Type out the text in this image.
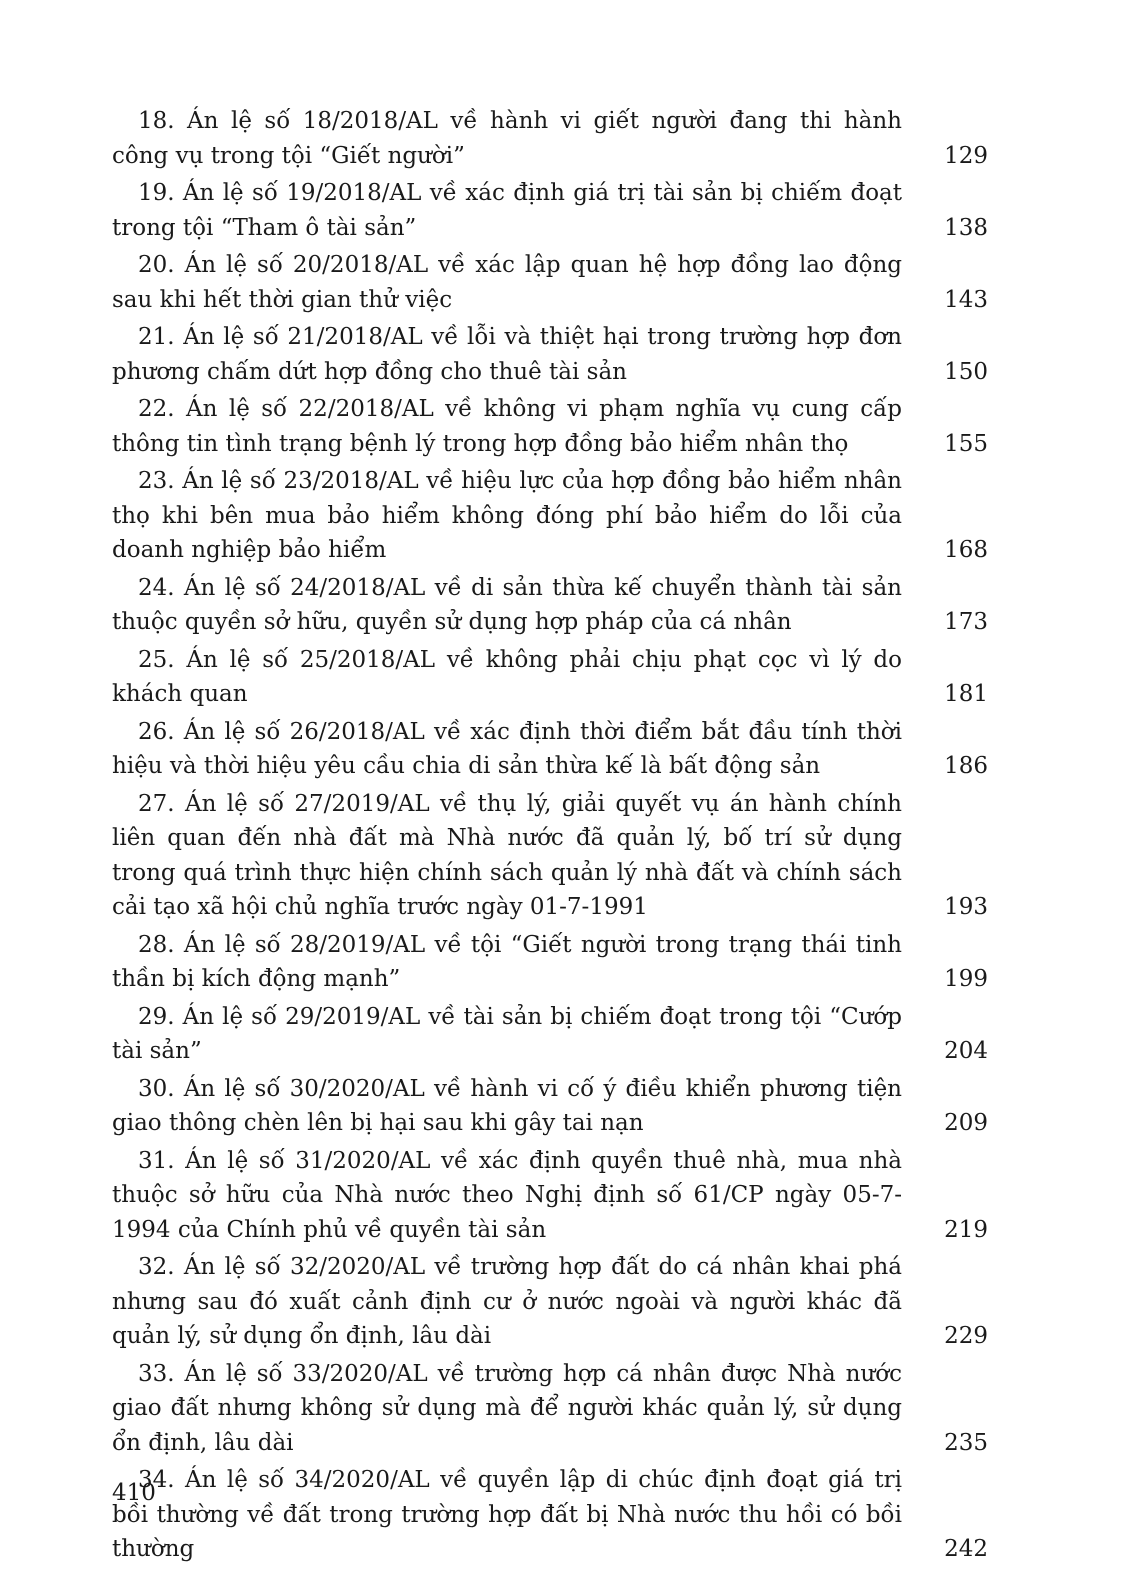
18. Án lệ số 18/2018/AL về hành vi giết người đang thi hành công vụ trong tội “Giết người”	129
19. Án lệ số 19/2018/AL về xác định giá trị tài sản bị chiếm đoạt trong tội “Tham ô tài sản”	138
20. Án lệ số 20/2018/AL về xác lập quan hệ hợp đồng lao động sau khi hết thời gian thử việc	143
21. Án lệ số 21/2018/AL về lỗi và thiệt hại trong trường hợp đơn phương chấm dứt hợp đồng cho thuê tài sản	150
22. Án lệ số 22/2018/AL về không vi phạm nghĩa vụ cung cấp thông tin tình trạng bệnh lý trong hợp đồng bảo hiểm nhân thọ	155
23. Án lệ số 23/2018/AL về hiệu lực của hợp đồng bảo hiểm nhân thọ khi bên mua bảo hiểm không đóng phí bảo hiểm do lỗi của doanh nghiệp bảo hiểm	168
24. Án lệ số 24/2018/AL về di sản thừa kế chuyển thành tài sản thuộc quyền sở hữu, quyền sử dụng hợp pháp của cá nhân	173
25. Án lệ số 25/2018/AL về không phải chịu phạt cọc vì lý do khách quan	181
26. Án lệ số 26/2018/AL về xác định thời điểm bắt đầu tính thời hiệu và thời hiệu yêu cầu chia di sản thừa kế là bất động sản	186
27. Án lệ số 27/2019/AL về thụ lý, giải quyết vụ án hành chính liên quan đến nhà đất mà Nhà nước đã quản lý, bố trí sử dụng trong quá trình thực hiện chính sách quản lý nhà đất và chính sách cải tạo xã hội chủ nghĩa trước ngày 01-7-1991	193
28. Án lệ số 28/2019/AL về tội “Giết người trong trạng thái tinh thần bị kích động mạnh”	199
29. Án lệ số 29/2019/AL về tài sản bị chiếm đoạt trong tội “Cướp tài sản”	204
30. Án lệ số 30/2020/AL về hành vi cố ý điều khiển phương tiện giao thông chèn lên bị hại sau khi gây tai nạn	209
31. Án lệ số 31/2020/AL về xác định quyền thuê nhà, mua nhà thuộc sở hữu của Nhà nước theo Nghị định số 61/CP ngày 05-7-1994 của Chính phủ về quyền tài sản	219
32. Án lệ số 32/2020/AL về trường hợp đất do cá nhân khai phá nhưng sau đó xuất cảnh định cư ở nước ngoài và người khác đã quản lý, sử dụng ổn định, lâu dài	229
33. Án lệ số 33/2020/AL về trường hợp cá nhân được Nhà nước giao đất nhưng không sử dụng mà để người khác quản lý, sử dụng ổn định, lâu dài	235
34. Án lệ số 34/2020/AL về quyền lập di chúc định đoạt giá trị bồi thường về đất trong trường hợp đất bị Nhà nước thu hồi có bồi thường	242
410
